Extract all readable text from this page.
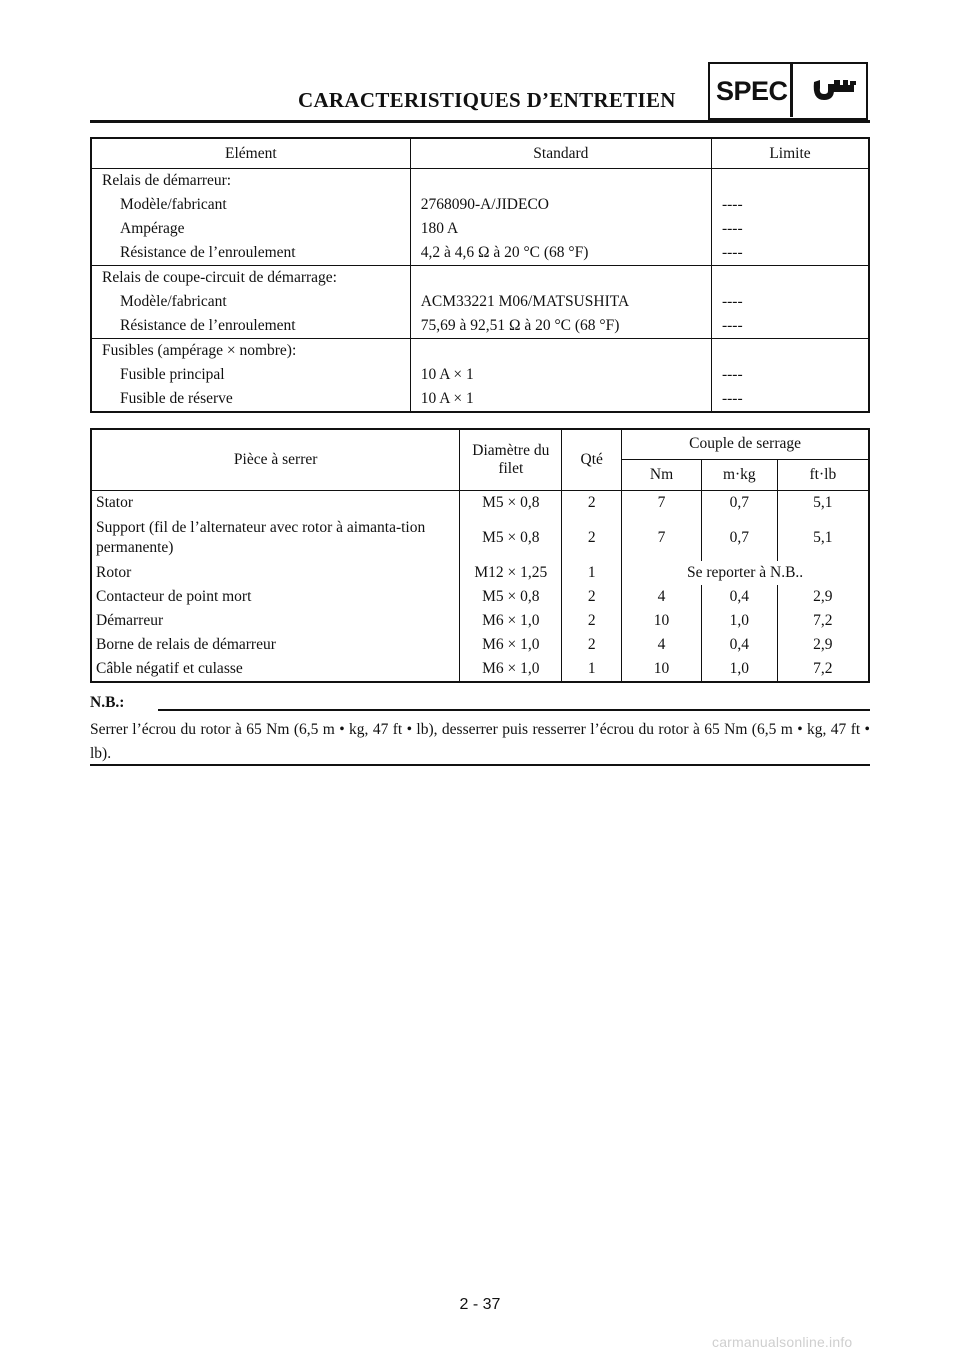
CARACTERISTIQUES D’ENTRETIEN SPEC
Elément	Standard	Limite
Relais de démarreur:		
Modèle/fabricant	2768090-A/JIDECO	----
Ampérage	180 A	----
Résistance de l’enroulement	4,2 à 4,6 Ω à 20 °C (68 °F)	----
Relais de coupe-circuit de démarrage:		
Modèle/fabricant	ACM33221 M06/MATSUSHITA	----
Résistance de l’enroulement	75,69 à 92,51 Ω à 20 °C (68 °F)	----
Fusibles (ampérage × nombre):		
Fusible principal	10 A × 1	----
Fusible de réserve	10 A × 1	----
Pièce à serrer	Diamètre du filet	Qté	Couple de serrage		
			Nm	m·kg	ft·lb
Stator	M5 × 0,8	2	7	0,7	5,1
Support (fil de l’alternateur avec rotor à aimanta-tion permanente)	M5 × 0,8	2	7	0,7	5,1
Rotor	M12 × 1,25	1	Se reporter à N.B..		
Contacteur de point mort	M5 × 0,8	2	4	0,4	2,9
Démarreur	M6 × 1,0	2	10	1,0	7,2
Borne de relais de démarreur	M6 × 1,0	2	4	0,4	2,9
Câble négatif et culasse	M6 × 1,0	1	10	1,0	7,2
N.B.:
Serrer l’écrou du rotor à 65 Nm (6,5 m • kg, 47 ft • lb), desserrer puis resserrer l’écrou du rotor à 65 Nm (6,5 m • kg, 47 ft • lb).
2 - 37
carmanualsonline.info
